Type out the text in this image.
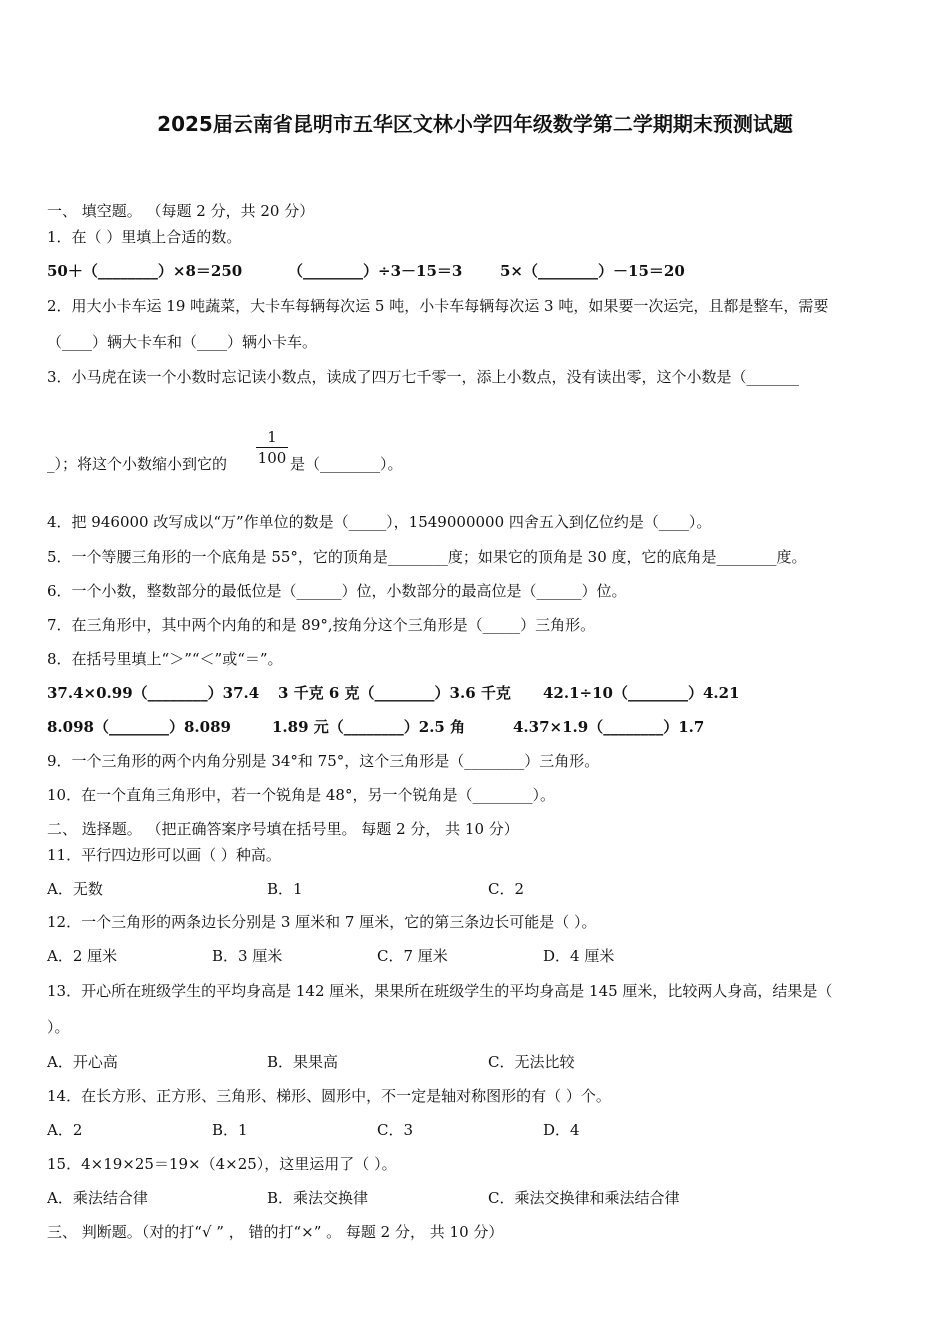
2025届云南省昆明市五华区文林小学四年级数学第二学期期末预测试题
一、 填空题。 （每题 2 分，共 20 分）
1．在（ ）里填上合适的数。
50＋（________）×8＝250	（________）÷3－15＝3	5×（________）－15＝20
2．用大小卡车运 19 吨蔬菜，大卡车每辆每次运 5 吨，小卡车每辆每次运 3 吨，如果要一次运完，且都是整车，需要
（____）辆大卡车和（____）辆小卡车。
3．小马虎在读一个小数时忘记读小数点，读成了四万七千零一，添上小数点，没有读出零，这个小数是（_______
_）；将这个小数缩小到它的
1
100 是（________）。
4．把 946000 改写成以“万”作单位的数是（_____），1549000000 四舍五入到亿位约是（____）。
5．一个等腰三角形的一个底角是 55°，它的顶角是________度；如果它的顶角是 30 度，它的底角是________度。
6．一个小数，整数部分的最低位是（______）位，小数部分的最高位是（______）位。
7．在三角形中，其中两个内角的和是 89°,按角分这个三角形是（_____）三角形。
8．在括号里填上“＞”“＜”或“＝”。
37.4×0.99（________）37.4 3 千克 6 克（________）3.6 千克 42.1÷10（________）4.21
8.098（________）8.089	1.89 元（________）2.5 角	4.37×1.9（________）1.7
9．一个三角形的两个内角分别是 34°和 75°，这个三角形是（________）三角形。
10．在一个直角三角形中，若一个锐角是 48°，另一个锐角是（________）。
二、 选择题。 （把正确答案序号填在括号里。 每题 2 分， 共 10 分）
11．平行四边形可以画（ ）种高。
A．无数	B．1	C．2
12．一个三角形的两条边长分别是 3 厘米和 7 厘米，它的第三条边长可能是（ ）。
A．2 厘米	B．3 厘米	C．7 厘米	D．4 厘米
13．开心所在班级学生的平均身高是 142 厘米，果果所在班级学生的平均身高是 145 厘米，比较两人身高，结果是（
）。
A．开心高	B．果果高	C．无法比较
14．在长方形、正方形、三角形、梯形、圆形中，不一定是轴对称图形的有（ ）个。
A．2	B．1	C．3	D．4
15．4×19×25＝19×（4×25），这里运用了（ ）。
A．乘法结合律	B．乘法交换律	C．乘法交换律和乘法结合律
三、 判断题。（对的打“√ ” ， 错的打“×” 。 每题 2 分， 共 10 分）
